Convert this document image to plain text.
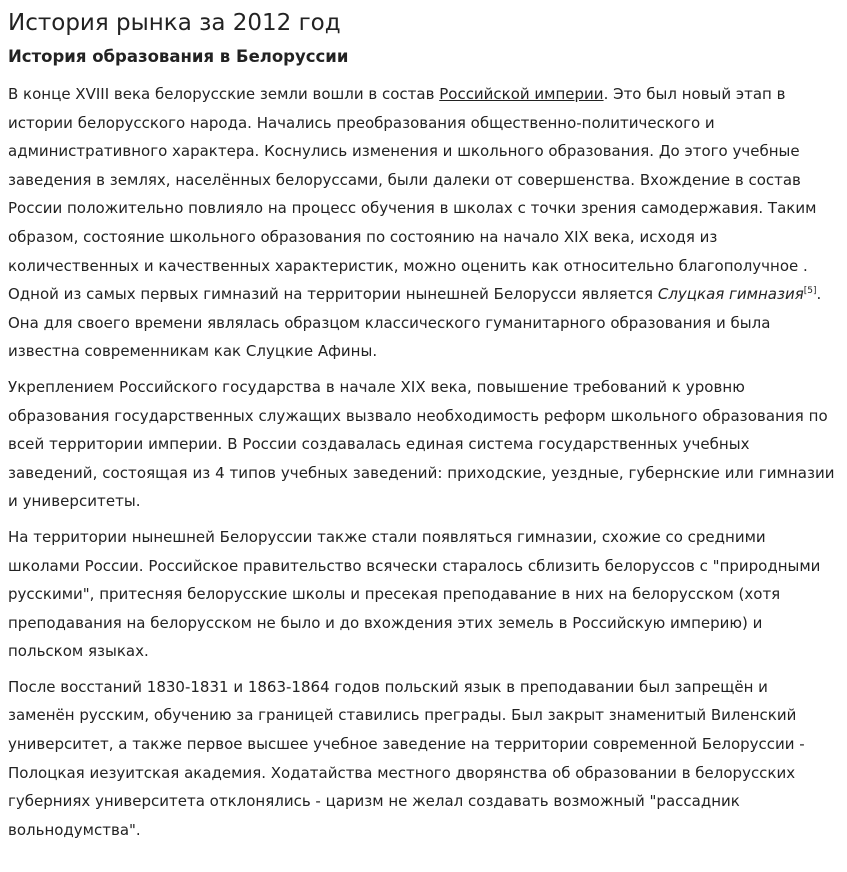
История рынка за 2012 год
История образования в Белоруссии

В конце XVIII века белорусские земли вошли в состав Российской империи. Это был новый этап в истории белорусского народа. Начались преобразования общественно-политического и административного характера. Коснулись изменения и школьного образования. До этого учебные заведения в землях, населённых белоруссами, были далеки от совершенства. Вхождение в состав России положительно повлияло на процесс обучения в школах с точки зрения самодержавия. Таким образом, состояние школьного образования по состоянию на начало XIX века, исходя из количественных и качественных характеристик, можно оценить как относительно благополучное . Одной из самых первых гимназий на территории нынешней Белорусси является Слуцкая гимназия[5]. Она для своего времени являлась образцом классического гуманитарного образования и была известна современникам как Слуцкие Афины.

Укреплением Российского государства в начале XIX века, повышение требований к уровню образования государственных служащих вызвало необходимость реформ школьного образования по всей территории империи. В России создавалась единая система государственных учебных заведений, состоящая из 4 типов учебных заведений: приходские, уездные, губернские или гимназии и университеты.

На территории нынешней Белоруссии также стали появляться гимназии, схожие со средними школами России. Российское правительство всячески старалось сблизить белоруссов с "природными русскими", притесняя белорусские школы и пресекая преподавание в них на белорусском (хотя преподавания на белорусском не было и до вхождения этих земель в Российскую империю) и польском языках.

После восстаний 1830-1831 и 1863-1864 годов польский язык в преподавании был запрещён и заменён русским, обучению за границей ставились преграды. Был закрыт знаменитый Виленский университет, а также первое высшее учебное заведение на территории современной Белоруссии - Полоцкая иезуитская академия. Ходатайства местного дворянства об образовании в белорусских губерниях университета отклонялись - царизм не желал создавать возможный "рассадник вольнодумства".
